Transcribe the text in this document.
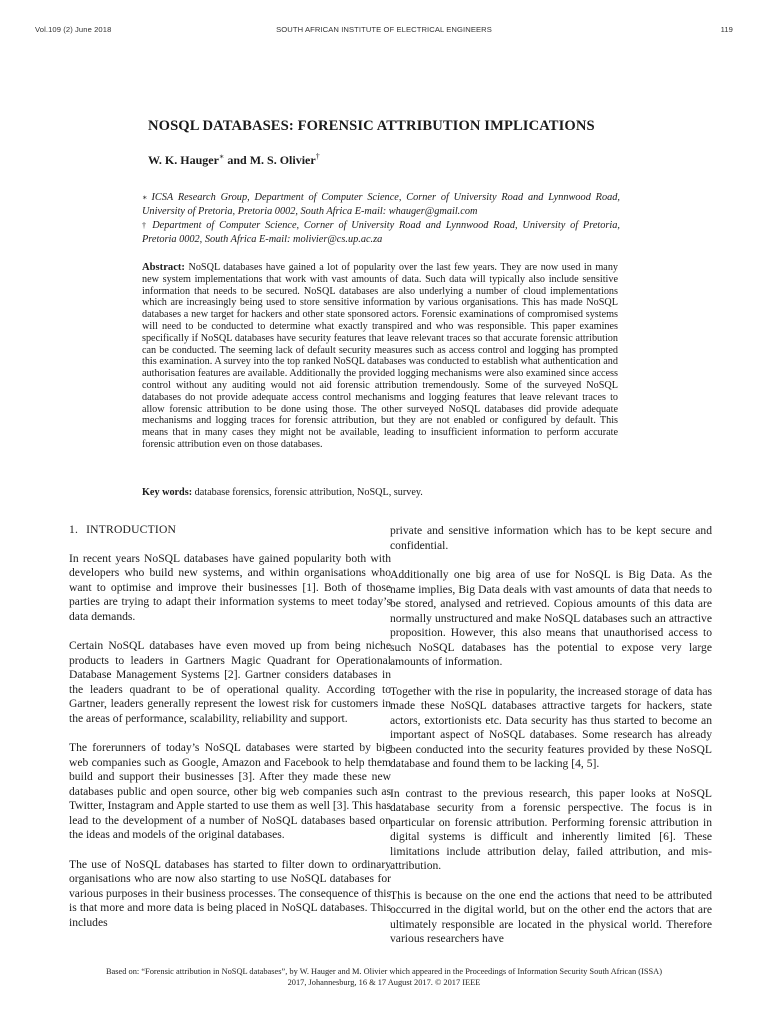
Vol.109 (2) June 2018	SOUTH AFRICAN INSTITUTE OF ELECTRICAL ENGINEERS	119
NOSQL DATABASES: FORENSIC ATTRIBUTION IMPLICATIONS
W. K. Hauger∗ and M. S. Olivier†
∗ ICSA Research Group, Department of Computer Science, Corner of University Road and Lynnwood Road, University of Pretoria, Pretoria 0002, South Africa E-mail: whauger@gmail.com
† Department of Computer Science, Corner of University Road and Lynnwood Road, University of Pretoria, Pretoria 0002, South Africa E-mail: molivier@cs.up.ac.za
Abstract: NoSQL databases have gained a lot of popularity over the last few years. They are now used in many new system implementations that work with vast amounts of data. Such data will typically also include sensitive information that needs to be secured. NoSQL databases are also underlying a number of cloud implementations which are increasingly being used to store sensitive information by various organisations. This has made NoSQL databases a new target for hackers and other state sponsored actors. Forensic examinations of compromised systems will need to be conducted to determine what exactly transpired and who was responsible. This paper examines specifically if NoSQL databases have security features that leave relevant traces so that accurate forensic attribution can be conducted. The seeming lack of default security measures such as access control and logging has prompted this examination. A survey into the top ranked NoSQL databases was conducted to establish what authentication and authorisation features are available. Additionally the provided logging mechanisms were also examined since access control without any auditing would not aid forensic attribution tremendously. Some of the surveyed NoSQL databases do not provide adequate access control mechanisms and logging features that leave relevant traces to allow forensic attribution to be done using those. The other surveyed NoSQL databases did provide adequate mechanisms and logging traces for forensic attribution, but they are not enabled or configured by default. This means that in many cases they might not be available, leading to insufficient information to perform accurate forensic attribution even on those databases.
Key words: database forensics, forensic attribution, NoSQL, survey.

1. INTRODUCTION

In recent years NoSQL databases have gained popularity both with developers who build new systems, and within organisations who want to optimise and improve their businesses [1]. Both of those parties are trying to adapt their information systems to meet today’s data demands.

Certain NoSQL databases have even moved up from being niche products to leaders in Gartners Magic Quadrant for Operational Database Management Systems [2]. Gartner considers databases in the leaders quadrant to be of operational quality. According to Gartner, leaders generally represent the lowest risk for customers in the areas of performance, scalability, reliability and support.

The forerunners of today’s NoSQL databases were started by big web companies such as Google, Amazon and Facebook to help them build and support their businesses [3]. After they made these new databases public and open source, other big web companies such as Twitter, Instagram and Apple started to use them as well [3]. This has lead to the development of a number of NoSQL databases based on the ideas and models of the original databases.

The use of NoSQL databases has started to filter down to ordinary organisations who are now also starting to use NoSQL databases for various purposes in their business processes. The consequence of this is that more and more data is being placed in NoSQL databases. This includes

private and sensitive information which has to be kept secure and confidential.

Additionally one big area of use for NoSQL is Big Data. As the name implies, Big Data deals with vast amounts of data that needs to be stored, analysed and retrieved. Copious amounts of this data are normally unstructured and make NoSQL databases such an attractive proposition. However, this also means that unauthorised access to such NoSQL databases has the potential to expose very large amounts of information.

Together with the rise in popularity, the increased storage of data has made these NoSQL databases attractive targets for hackers, state actors, extortionists etc. Data security has thus started to become an important aspect of NoSQL databases. Some research has already been conducted into the security features provided by these NoSQL database and found them to be lacking [4, 5].

In contrast to the previous research, this paper looks at NoSQL database security from a forensic perspective. The focus is in particular on forensic attribution. Performing forensic attribution in digital systems is difficult and inherently limited [6]. These limitations include attribution delay, failed attribution, and mis-attribution.

This is because on the one end the actions that need to be attributed occurred in the digital world, but on the other end the actors that are ultimately responsible are located in the physical world. Therefore various researchers have

Based on: “Forensic attribution in NoSQL databases”, by W. Hauger and M. Olivier which appeared in the Proceedings of Information Security South African (ISSA)
2017, Johannesburg, 16 & 17 August 2017. © 2017 IEEE
